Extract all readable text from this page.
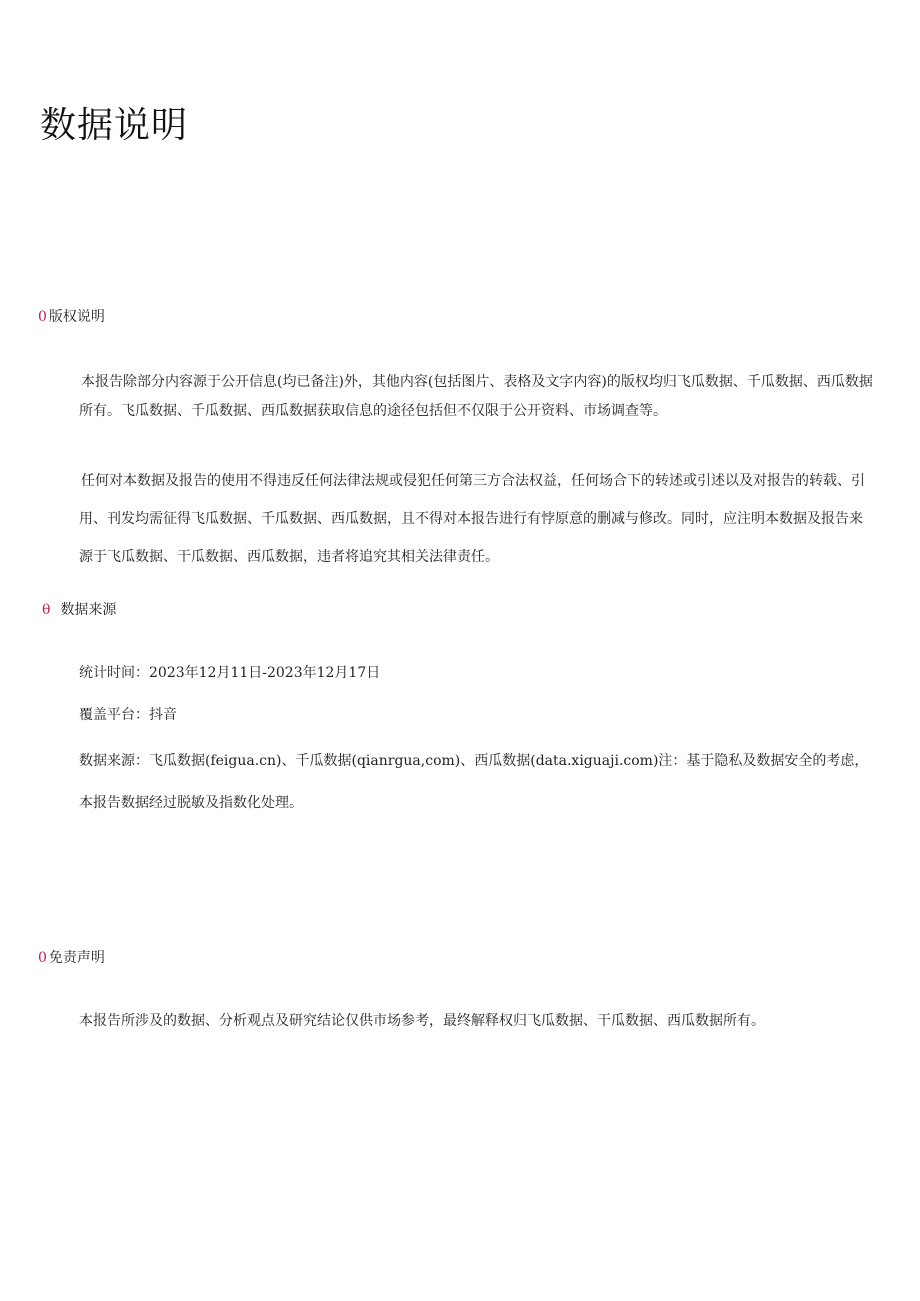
数据说明
0 版权说明

本报告除部分内容源于公开信息(均已备注)外，其他内容(包括图片、表格及文字内容)的版权均归飞瓜数据、千瓜数据、西瓜数据所有。飞瓜数据、千瓜数据、西瓜数据获取信息的途径包括但不仅限于公开资料、市场调查等。

任何对本数据及报告的使用不得违反任何法律法规或侵犯任何第三方合法权益，任何场合下的转述或引述以及对报告的转载、引用、刊发均需征得飞瓜数据、千瓜数据、西瓜数据，且不得对本报告进行有悖原意的删减与修改。同时，应注明本数据及报告来源于飞瓜数据、干瓜数据、西瓜数据，违者将追究其相关法律责任。

θ 数据来源
统计时间：2023年12月11日-2023年12月17日
覆盖平台：抖音

数据来源：飞瓜数据(feigua.cn)、千瓜数据(qianrgua,com)、西瓜数据(data.xiguaji.com)注：基于隐私及数据安全的考虑，本报告数据经过脱敏及指数化处理。

0 免责声明
本报告所涉及的数据、分析观点及研究结论仅供市场参考，最终解释权归飞瓜数据、干瓜数据、西瓜数据所有。
